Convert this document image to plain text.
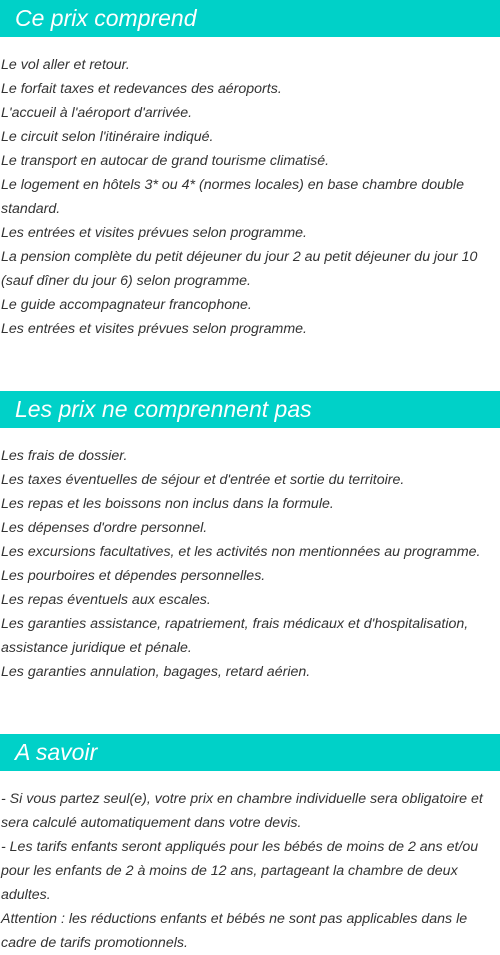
Ce prix comprend

Le vol aller et retour.

Le forfait taxes et redevances des aéroports.

L'accueil à l'aéroport d'arrivée.

Le circuit selon l'itinéraire indiqué.

Le transport en autocar de grand tourisme climatisé.

Le logement en hôtels 3* ou 4* (normes locales) en base chambre double standard.

Les entrées et visites prévues selon programme.

La pension complète du petit déjeuner du jour 2 au petit déjeuner du jour 10 (sauf dîner du jour 6) selon programme.

Le guide accompagnateur francophone.

Les entrées et visites prévues selon programme.

Les prix ne comprennent pas

Les frais de dossier.

Les taxes éventuelles de séjour et d'entrée et sortie du territoire.

Les repas et les boissons non inclus dans la formule.

Les dépenses d'ordre personnel.

Les excursions facultatives, et les activités non mentionnées au programme.

Les pourboires et dépendes personnelles.

Les repas éventuels aux escales.

Les garanties assistance, rapatriement, frais médicaux et d'hospitalisation, assistance juridique et pénale.

Les garanties annulation, bagages, retard aérien.

A savoir

- Si vous partez seul(e), votre prix en chambre individuelle sera obligatoire et sera calculé automatiquement dans votre devis.

- Les tarifs enfants seront appliqués pour les bébés de moins de 2 ans et/ou pour les enfants de 2 à moins de 12 ans, partageant la chambre de deux adultes.

Attention : les réductions enfants et bébés ne sont pas applicables dans le cadre de tarifs promotionnels.
